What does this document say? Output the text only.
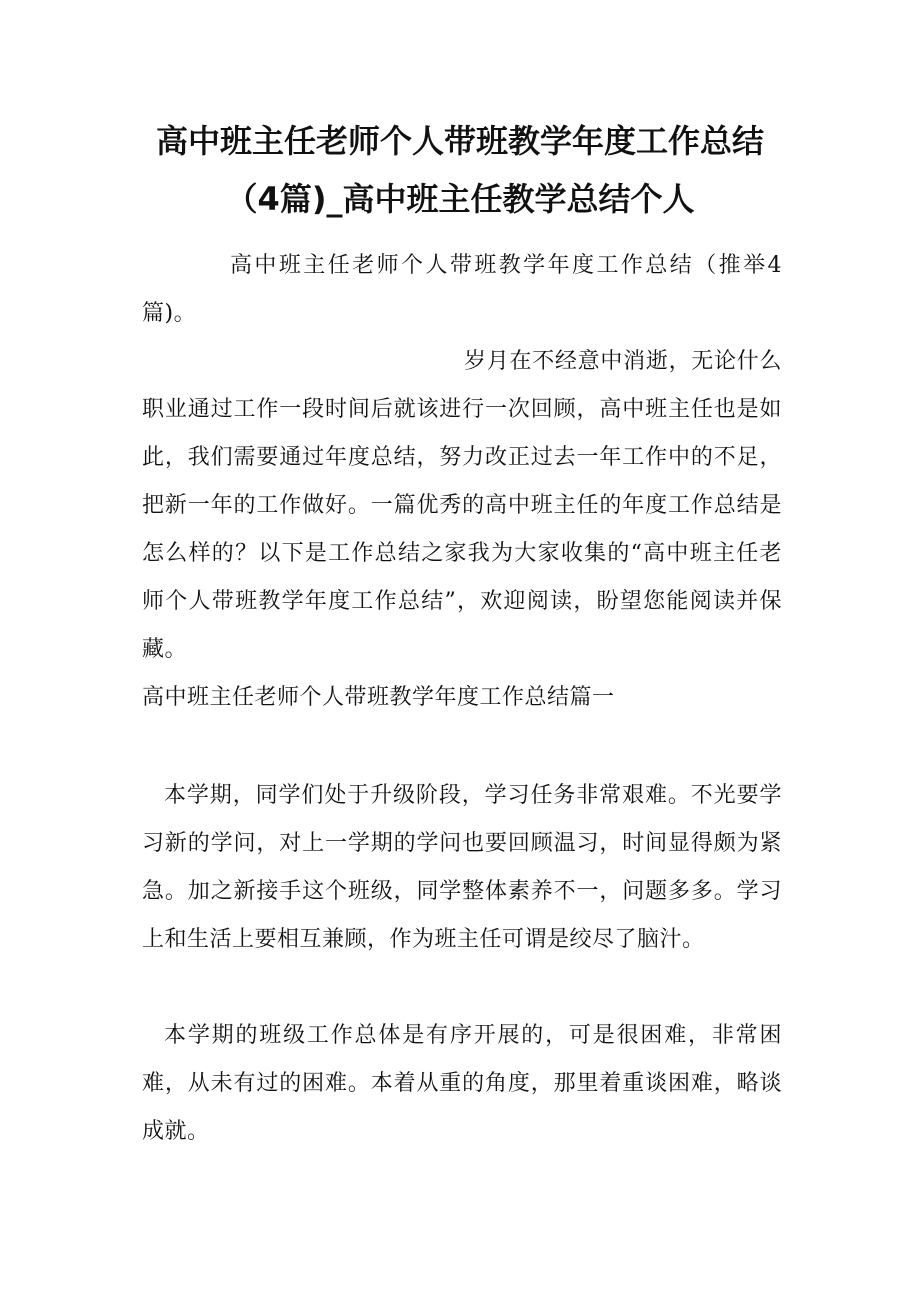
高中班主任老师个人带班教学年度工作总结（4篇)_高中班主任教学总结个人

高中班主任老师个人带班教学年度工作总结（推举4篇)。

岁月在不经意中消逝，无论什么职业通过工作一段时间后就该进行一次回顾，高中班主任也是如此，我们需要通过年度总结，努力改正过去一年工作中的不足，把新一年的工作做好。一篇优秀的高中班主任的年度工作总结是怎么样的？以下是工作总结之家我为大家收集的“高中班主任老师个人带班教学年度工作总结”，欢迎阅读，盼望您能阅读并保藏。

高中班主任老师个人带班教学年度工作总结篇一

本学期，同学们处于升级阶段，学习任务非常艰难。不光要学习新的学问，对上一学期的学问也要回顾温习，时间显得颇为紧急。加之新接手这个班级，同学整体素养不一，问题多多。学习上和生活上要相互兼顾，作为班主任可谓是绞尽了脑汁。

本学期的班级工作总体是有序开展的，可是很困难，非常困难，从未有过的困难。本着从重的角度，那里着重谈困难，略谈成就。
